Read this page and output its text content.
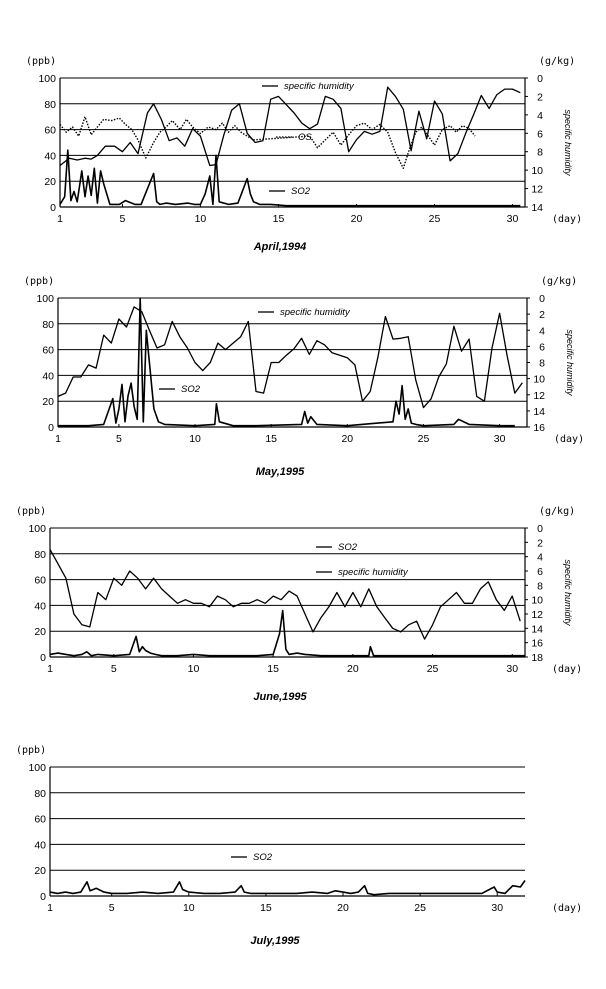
0
20
40
60
80
100
(ppb)
0
2
4
6
8
10
12
14
(g/kg)
specific humidity
1	5	10	15	20	25	30	(day)
specific humidity
OS
SO2
April,1994
0
20
40
60
80
100
(ppb)
0
2
4
6
8
10
12
14
16
(g/kg)
specific humidity
1	5	10	15	20	25	30	(day)
specific humidity
SO2
May,1995
0
20
40
60
80
100
(ppb)
0
2
4
6
8
10
12
14
16
18
(g/kg)
specific humidity
1	5	10	15	20	25	30	(day)
SO2
specific humidity
June,1995
0
20
40
60
80
100
(ppb)
1	5	10	15	20	25	30	(day)
SO2
July,1995
